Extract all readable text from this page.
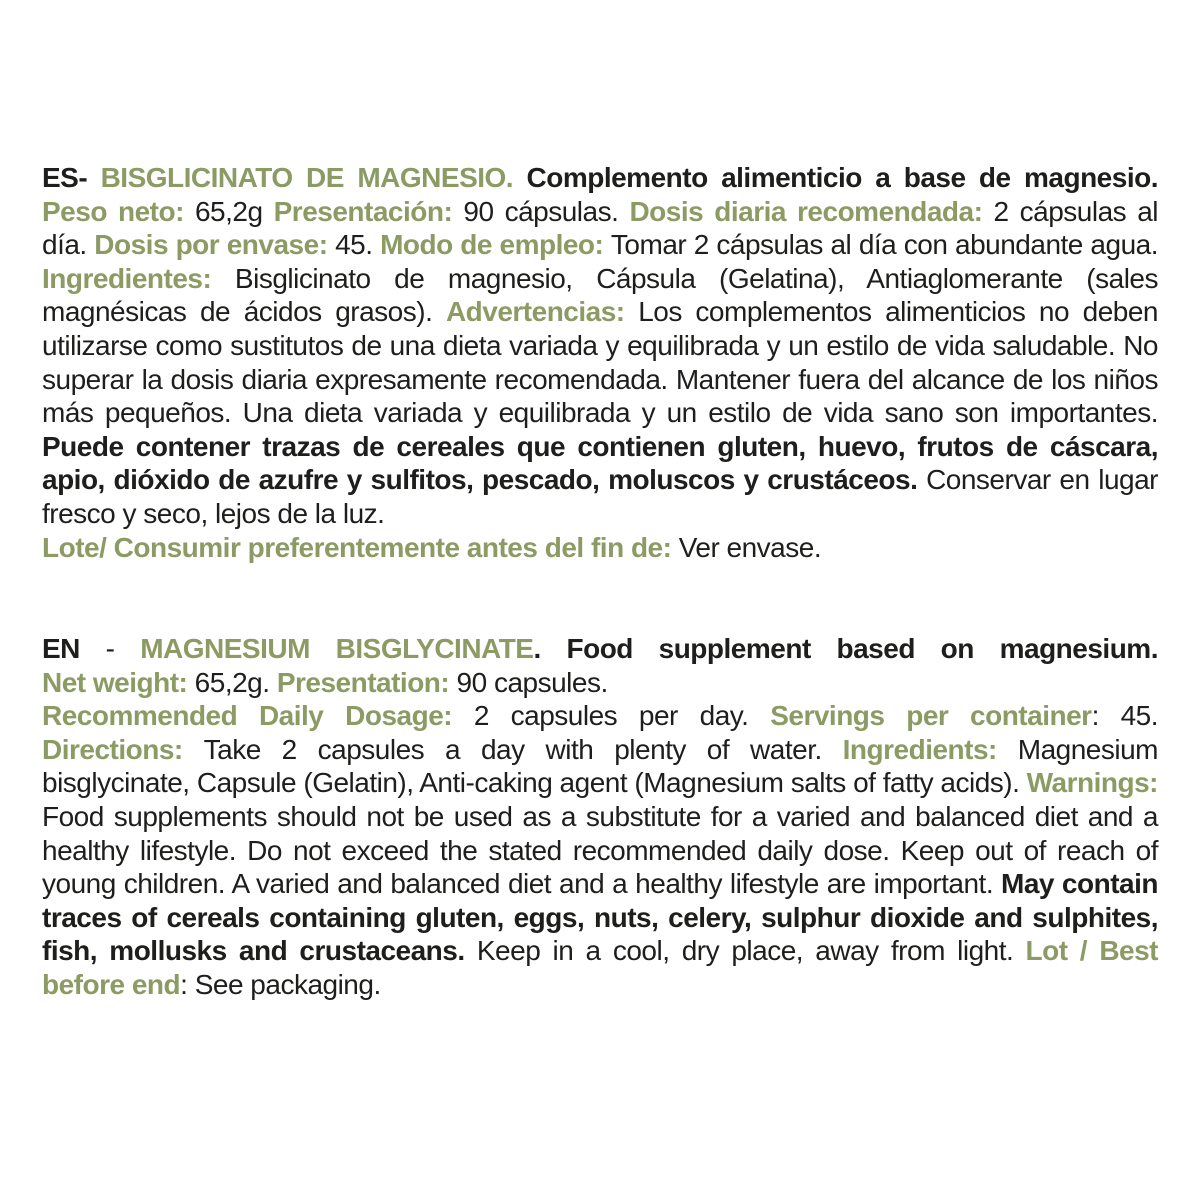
ES- BISGLICINATO DE MAGNESIO. Complemento alimenticio a base de magnesio. Peso neto: 65,2g Presentación: 90 cápsulas. Dosis diaria recomendada: 2 cápsulas al día. Dosis por envase: 45. Modo de empleo: Tomar 2 cápsulas al día con abundante agua. Ingredientes: Bisglicinato de magnesio, Cápsula (Gelatina), Antiaglomerante (sales magnésicas de ácidos grasos). Advertencias: Los complementos alimenticios no deben utilizarse como sustitutos de una dieta variada y equilibrada y un estilo de vida saludable. No superar la dosis diaria expresamente recomendada. Mantener fuera del alcance de los niños más pequeños. Una dieta variada y equilibrada y un estilo de vida sano son importantes. Puede contener trazas de cereales que contienen gluten, huevo, frutos de cáscara, apio, dióxido de azufre y sulfitos, pescado, moluscos y crustáceos. Conservar en lugar fresco y seco, lejos de la luz.

Lote/ Consumir preferentemente antes del fin de: Ver envase.

EN - MAGNESIUM BISGLYCINATE. Food supplement based on magnesium.

Net weight: 65,2g. Presentation: 90 capsules.

Recommended Daily Dosage: 2 capsules per day. Servings per container: 45.

Directions: Take 2 capsules a day with plenty of water. Ingredients: Magnesium bisglycinate, Capsule (Gelatin), Anti-caking agent (Magnesium salts of fatty acids). Warnings: Food supplements should not be used as a substitute for a varied and balanced diet and a healthy lifestyle. Do not exceed the stated recommended daily dose. Keep out of reach of young children. A varied and balanced diet and a healthy lifestyle are important. May contain traces of cereals containing gluten, eggs, nuts, celery, sulphur dioxide and sulphites, fish, mollusks and crustaceans. Keep in a cool, dry place, away from light. Lot / Best before end: See packaging.
